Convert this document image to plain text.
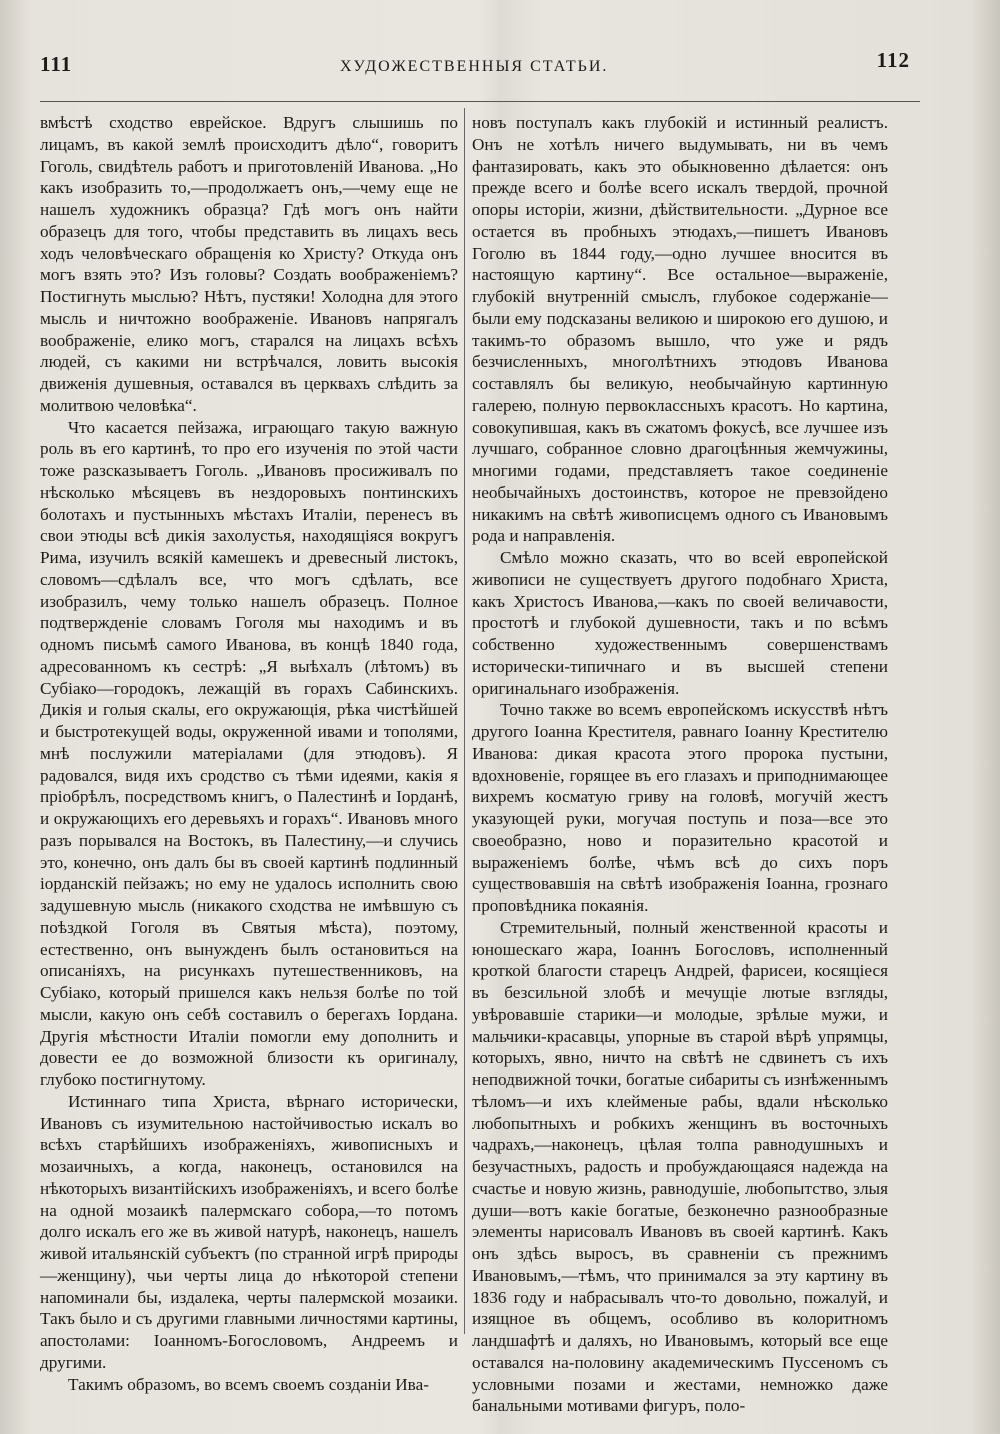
111	ХУДОЖЕСТВЕННЫЯ СТАТЬИ.	112

вмѣстѣ сходство еврейское. Вдругъ слышишь по лицамъ, въ какой землѣ происходитъ дѣло“, говоритъ Гоголь, свидѣтель работъ и приготовленій Иванова. „Но какъ изобразить то,—продолжаетъ онъ,—чему еще не нашелъ художникъ образца? Гдѣ могъ онъ найти образецъ для того, чтобы представить въ лицахъ весь ходъ человѣческаго обращенія ко Христу? Откуда онъ могъ взять это? Изъ головы? Создать воображеніемъ? Постигнуть мыслью? Нѣтъ, пустяки! Холодна для этого мысль и ничтожно воображеніе. Ивановъ напрягалъ воображеніе, елико могъ, старался на лицахъ всѣхъ людей, съ какими ни встрѣчался, ловить высокія движенія душевныя, оставался въ церквахъ слѣдить за молитвою человѣка“.

Что касается пейзажа, играющаго такую важную роль въ его картинѣ, то про его изученія по этой части тоже разсказываетъ Гоголь. „Ивановъ просиживалъ по нѣсколько мѣсяцевъ въ нездоровыхъ понтинскихъ болотахъ и пустынныхъ мѣстахъ Италіи, перенесъ въ свои этюды всѣ дикія захолустья, находящіяся вокругъ Рима, изучилъ всякій камешекъ и древесный листокъ, словомъ—сдѣлалъ все, что могъ сдѣлать, все изобразилъ, чему только нашелъ образецъ. Полное подтвержденіе словамъ Гоголя мы находимъ и въ одномъ письмѣ самого Иванова, въ концѣ 1840 года, адресованномъ къ сестрѣ: „Я выѣхалъ (лѣтомъ) въ Субіако—городокъ, лежащій въ горахъ Сабинскихъ. Дикія и голыя скалы, его окружающія, рѣка чистѣйшей и быстротекущей воды, окруженной ивами и тополями, мнѣ послужили матеріалами (для этюдовъ). Я радовался, видя ихъ сродство съ тѣми идеями, какія я пріобрѣлъ, посредствомъ книгъ, о Палестинѣ и Іорданѣ, и окружающихъ его деревьяхъ и горахъ“. Ивановъ много разъ порывался на Востокъ, въ Палестину,—и случись это, конечно, онъ далъ бы въ своей картинѣ подлинный іорданскій пейзажъ; но ему не удалось исполнить свою задушевную мысль (никакого сходства не имѣвшую съ поѣздкой Гоголя въ Святыя мѣста), поэтому, естественно, онъ вынужденъ былъ остановиться на описаніяхъ, на рисункахъ путешественниковъ, на Субіако, который пришелся какъ нельзя болѣе по той мысли, какую онъ себѣ составилъ о берегахъ Іордана. Другія мѣстности Италіи помогли ему дополнить и довести ее до возможной близости къ оригиналу, глубоко постигнутому.

Истиннаго типа Христа, вѣрнаго исторически, Ивановъ съ изумительною настойчивостью искалъ во всѣхъ старѣйшихъ изображеніяхъ, живописныхъ и мозаичныхъ, а когда, наконецъ, остановился на нѣкоторыхъ византійскихъ изображеніяхъ, и всего болѣе на одной мозаикѣ палермскаго собора,—то потомъ долго искалъ его же въ живой натурѣ, наконецъ, нашелъ живой итальянскій субъектъ (по странной игрѣ природы—женщину), чьи черты лица до нѣкоторой степени напоминали бы, издалека, черты палермской мозаики. Такъ было и съ другими главными личностями картины, апостолами: Іоанномъ-Богословомъ, Андреемъ и другими.

Такимъ образомъ, во всемъ своемъ созданіи Ива-

новъ поступалъ какъ глубокій и истинный реалистъ. Онъ не хотѣлъ ничего выдумывать, ни въ чемъ фантазировать, какъ это обыкновенно дѣлается: онъ прежде всего и болѣе всего искалъ твердой, прочной опоры исторіи, жизни, дѣйствительности. „Дурное все остается въ пробныхъ этюдахъ,—пишетъ Ивановъ Гоголю въ 1844 году,—одно лучшее вносится въ настоящую картину“. Все остальное—выраженіе, глубокій внутренній смыслъ, глубокое содержаніе—были ему подсказаны великою и широкою его душою, и такимъ-то образомъ вышло, что уже и рядъ безчисленныхъ, многолѣтнихъ этюдовъ Иванова составлялъ бы великую, необычайную картинную галерею, полную первоклассныхъ красотъ. Но картина, совокупившая, какъ въ сжатомъ фокусѣ, все лучшее изъ лучшаго, собранное словно драгоцѣнныя жемчужины, многими годами, представляетъ такое соединеніе необычайныхъ достоинствъ, которое не превзойдено никакимъ на свѣтѣ живописцемъ одного съ Ивановымъ рода и направленія.

Смѣло можно сказать, что во всей европейской живописи не существуетъ другого подобнаго Христа, какъ Христосъ Иванова,—какъ по своей величавости, простотѣ и глубокой душевности, такъ и по всѣмъ собственно художественнымъ совершенствамъ исторически-типичнаго и въ высшей степени оригинальнаго изображенія.

Точно также во всемъ европейскомъ искусствѣ нѣтъ другого Іоанна Крестителя, равнаго Іоанну Крестителю Иванова: дикая красота этого пророка пустыни, вдохновеніе, горящее въ его глазахъ и приподнимающее вихремъ косматую гриву на головѣ, могучій жестъ указующей руки, могучая поступь и поза—все это своеобразно, ново и поразительно красотой и выраженіемъ болѣе, чѣмъ всѣ до сихъ поръ существовавшія на свѣтѣ изображенія Іоанна, грознаго проповѣдника покаянія.

Стремительный, полный женственной красоты и юношескаго жара, Іоаннъ Богословъ, исполненный кроткой благости старецъ Андрей, фарисеи, косящіеся въ безсильной злобѣ и мечущіе лютые взгляды, увѣровавшіе старики—и молодые, зрѣлые мужи, и мальчики-красавцы, упорные въ старой вѣрѣ упрямцы, которыхъ, явно, ничто на свѣтѣ не сдвинетъ съ ихъ неподвижной точки, богатые сибариты съ изнѣженнымъ тѣломъ—и ихъ клейменые рабы, вдали нѣсколько любопытныхъ и робкихъ женщинъ въ восточныхъ чадрахъ,—наконецъ, цѣлая толпа равнодушныхъ и безучастныхъ, радость и пробуждающаяся надежда на счастье и новую жизнь, равнодушіе, любопытство, злыя души—вотъ какіе богатые, безконечно разнообразные элементы нарисовалъ Ивановъ въ своей картинѣ. Какъ онъ здѣсь выросъ, въ сравненіи съ прежнимъ Ивановымъ,—тѣмъ, что принимался за эту картину въ 1836 году и набрасывалъ что-то довольно, пожалуй, и изящное въ общемъ, особливо въ колоритномъ ландшафтѣ и даляхъ, но Ивановымъ, который все еще оставался на-половину академическимъ Пуссеномъ съ условными позами и жестами, немножко даже банальными мотивами фигуръ, поло-
